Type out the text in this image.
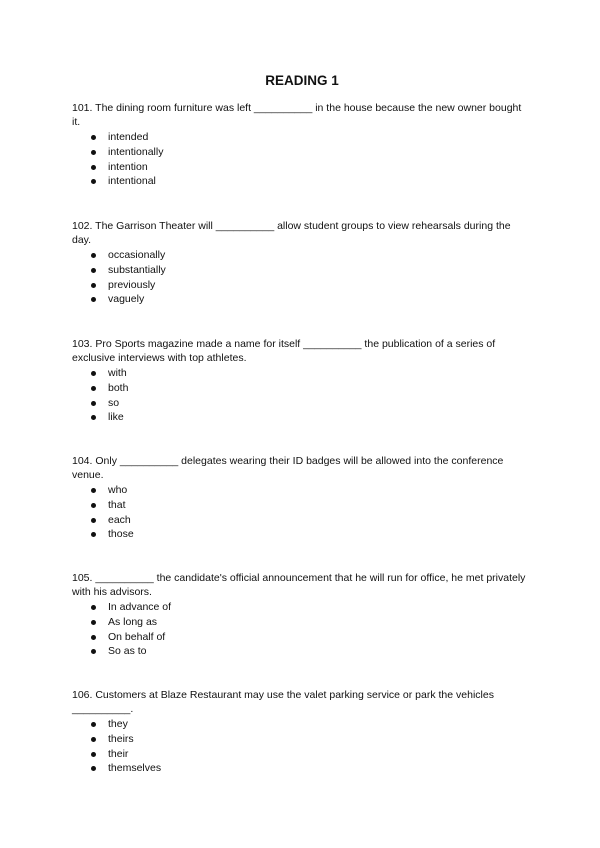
READING 1

101. The dining room furniture was left __________ in the house because the new owner bought it.

intended
intentionally
intention
intentional

102. The Garrison Theater will __________ allow student groups to view rehearsals during the day.

occasionally
substantially
previously
vaguely

103. Pro Sports magazine made a name for itself __________ the publication of a series of exclusive interviews with top athletes.

with
both
so
like

104. Only __________ delegates wearing their ID badges will be allowed into the conference venue.

who
that
each
those

105. __________ the candidate's official announcement that he will run for office, he met privately with his advisors.

In advance of
As long as
On behalf of
So as to

106. Customers at Blaze Restaurant may use the valet parking service or park the vehicles __________.

they
theirs
their
themselves
